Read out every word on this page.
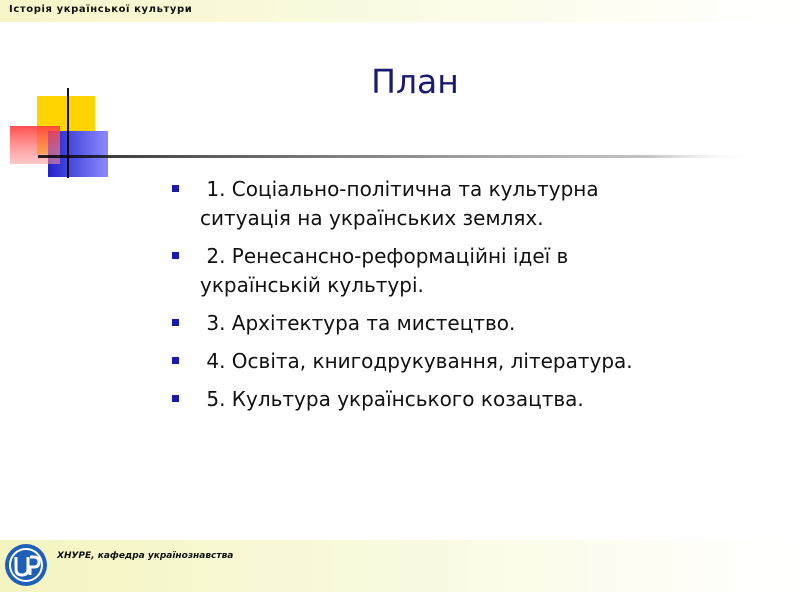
Історія української культури
План
1. Соціально-політична та культурна
ситуація на українських землях.
2. Ренесансно-реформаційні ідеї в
українській культурі.
3. Архітектура та мистецтво.
4. Освіта, книгодрукування, література.
5. Культура українського козацтва.
ХНУРЕ, кафедра українознавства
